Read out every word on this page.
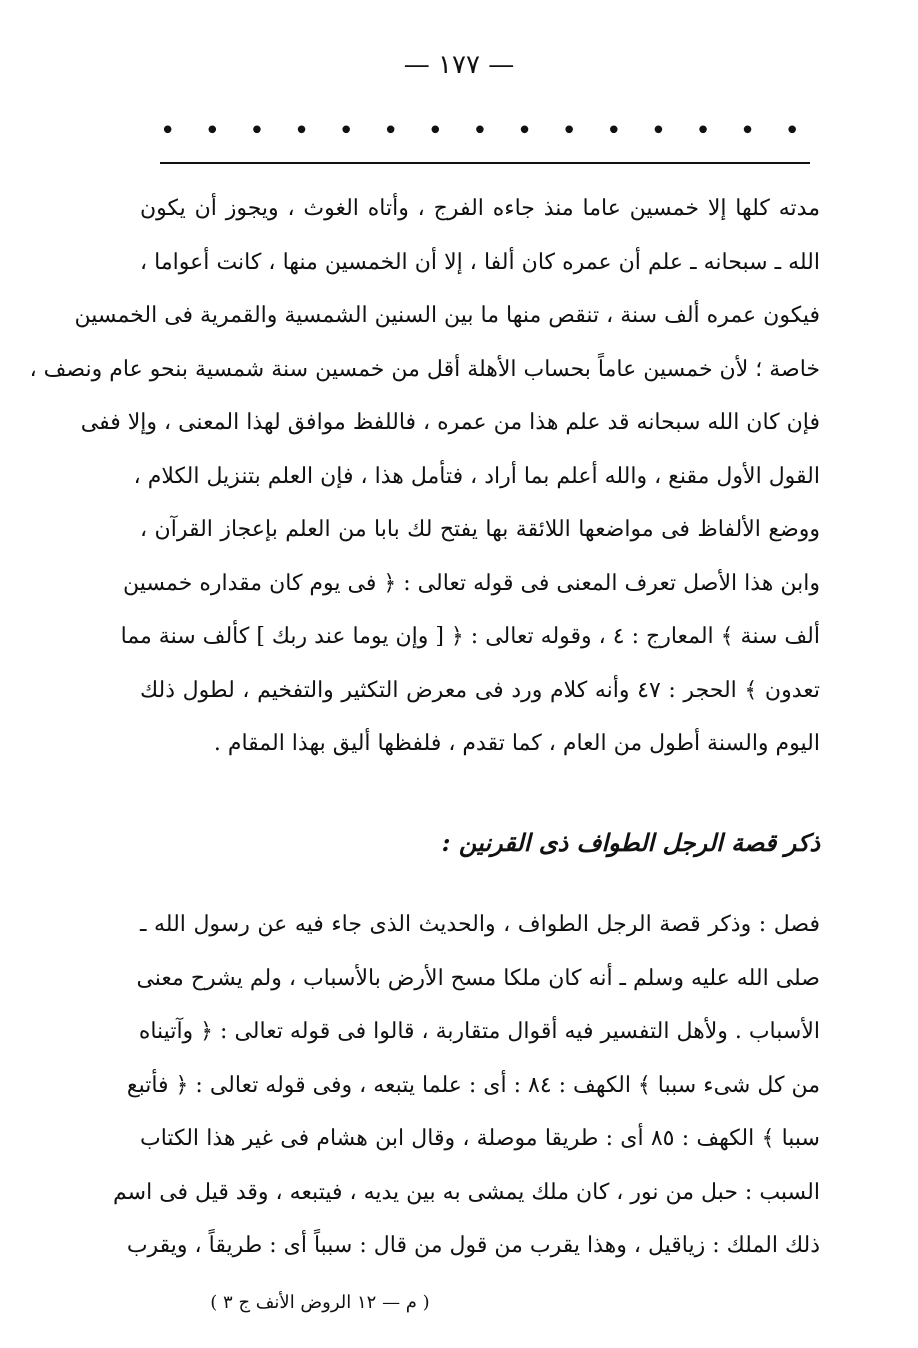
— ١٧٧ —
• • • • • • • • • • • • • • •
مدته كلها إلا خمسين عاما منذ جاءه الفرج ، وأتاه الغوث ، ويجوز أن يكون
الله ـ سبحانه ـ علم أن عمره كان ألفا ، إلا أن الخمسين منها ، كانت أعواما ،
فيكون عمره ألف سنة ، تنقص منها ما بين السنين الشمسية والقمرية فى الخمسين
خاصة ؛ لأن خمسين عاماً بحساب الأهلة أقل من خمسين سنة شمسية بنحو عام ونصف ،
فإن كان الله سبحانه قد علم هذا من عمره ، فاللفظ موافق لهذا المعنى ، وإلا ففى
القول الأول مقنع ، والله أعلم بما أراد ، فتأمل هذا ، فإن العلم بتنزيل الكلام ،
ووضع الألفاظ فى مواضعها اللائقة بها يفتح لك بابا من العلم بإعجاز القرآن ،
وابن هذا الأصل تعرف المعنى فى قوله تعالى : ﴿ فى يوم كان مقداره خمسين
ألف سنة ﴾ المعارج : ٤ ، وقوله تعالى : ﴿ [ وإن يوما عند ربك ] كألف سنة مما
تعدون ﴾ الحجر : ٤٧ وأنه كلام ورد فى معرض التكثير والتفخيم ، لطول ذلك
اليوم والسنة أطول من العام ، كما تقدم ، فلفظها أليق بهذا المقام .
ذكر قصة الرجل الطواف ذى القرنين :
فصل : وذكر قصة الرجل الطواف ، والحديث الذى جاء فيه عن رسول الله ـ
صلى الله عليه وسلم ـ أنه كان ملكا مسح الأرض بالأسباب ، ولم يشرح معنى
الأسباب . ولأهل التفسير فيه أقوال متقاربة ، قالوا فى قوله تعالى : ﴿ وآتيناه
من كل شىء سببا ﴾ الكهف : ٨٤ : أى : علما يتبعه ، وفى قوله تعالى : ﴿ فأتبع
سببا ﴾ الكهف : ٨٥ أى : طريقا موصلة ، وقال ابن هشام فى غير هذا الكتاب
السبب : حبل من نور ، كان ملك يمشى به بين يديه ، فيتبعه ، وقد قيل فى اسم
ذلك الملك : زياقيل ، وهذا يقرب من قول من قال : سبباً أى : طريقاً ، ويقرب
( م — ١٢ الروض الأنف ج ٣ )
